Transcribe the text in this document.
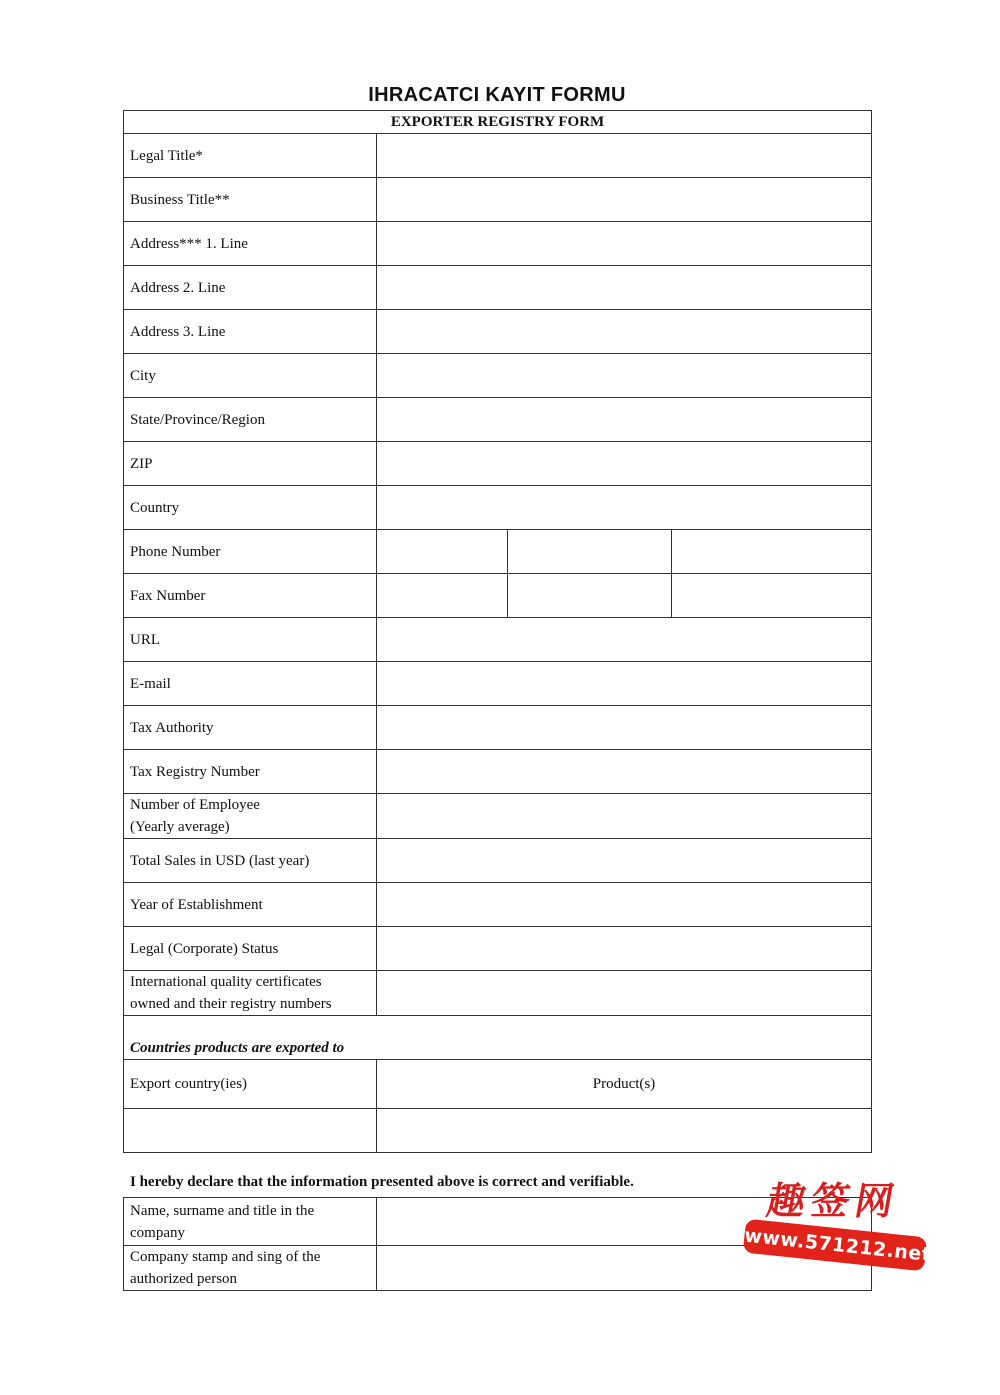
IHRACATCI KAYIT FORMU
EXPORTER REGISTRY FORM			
Legal Title*			
Business Title**			
Address*** 1. Line			
Address 2. Line			
Address 3. Line			
City			
State/Province/Region			
ZIP			
Country			
Phone Number			
Fax Number			
URL			
E-mail			
Tax Authority			
Tax Registry Number			

Number of Employee
(Yearly average)			

Total Sales in USD (last year)			
Year of Establishment			
Legal (Corporate) Status			

International quality certificates
owned and their registry numbers			

Countries products are exported to			
Export country(ies)	Product(s)		

I hereby declare that the information presented above is correct and verifiable.
Name, surname and title in the
company	

Company stamp and sing of the
authorized person	

趣签网
www.571212.net
